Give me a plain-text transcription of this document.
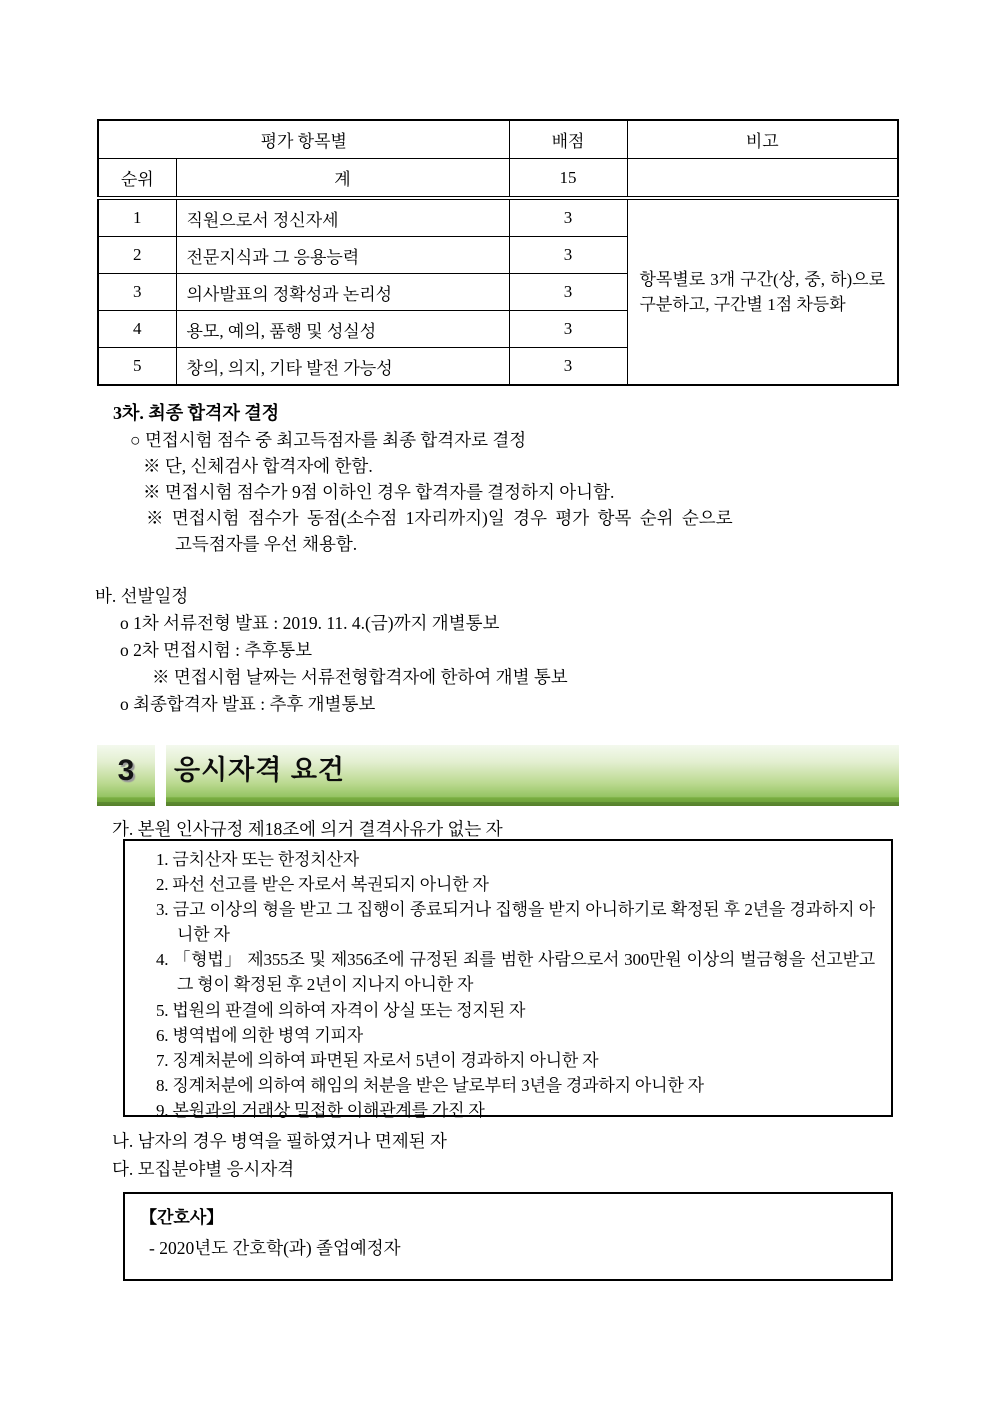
평가 항목별		배점	비고
순위	계	15	
1	직원으로서 정신자세	3	항목별로 3개 구간(상, 중, 하)으로 구분하고, 구간별 1점 차등화
2	전문지식과 그 응용능력	3	
3	의사발표의 정확성과 논리성	3	
4	용모, 예의, 품행 및 성실성	3	
5	창의, 의지, 기타 발전 가능성	3	
3차. 최종 합격자 결정
○ 면접시험 점수 중 최고득점자를 최종 합격자로 결정
※ 단, 신체검사 합격자에 한함.
※ 면접시험 점수가 9점 이하인 경우 합격자를 결정하지 아니함.
※ 면접시험 점수가 동점(소수점 1자리까지)일 경우 평가 항목 순위 순으로
고득점자를 우선 채용함.
바. 선발일정
o 1차 서류전형 발표 : 2019. 11. 4.(금)까지 개별통보
o 2차 면접시험 : 추후통보
※ 면접시험 날짜는 서류전형합격자에 한하여 개별 통보
o 최종합격자 발표 : 추후 개별통보
3	응시자격 요건
가. 본원 인사규정 제18조에 의거 결격사유가 없는 자
1. 금치산자 또는 한정치산자
2. 파선 선고를 받은 자로서 복권되지 아니한 자
3. 금고 이상의 형을 받고 그 집행이 종료되거나 집행을 받지 아니하기로 확정된 후 2년을 경과하지 아니한 자
4. 「형법」 제355조 및 제356조에 규정된 죄를 범한 사람으로서 300만원 이상의 벌금형을 선고받고 그 형이 확정된 후 2년이 지나지 아니한 자
5. 법원의 판결에 의하여 자격이 상실 또는 정지된 자
6. 병역법에 의한 병역 기피자
7. 징계처분에 의하여 파면된 자로서 5년이 경과하지 아니한 자
8. 징계처분에 의하여 해임의 처분을 받은 날로부터 3년을 경과하지 아니한 자
9. 본원과의 거래상 밀접한 이해관계를 가진 자
나. 남자의 경우 병역을 필하였거나 면제된 자
다. 모집분야별 응시자격
【간호사】
- 2020년도 간호학(과) 졸업예정자
